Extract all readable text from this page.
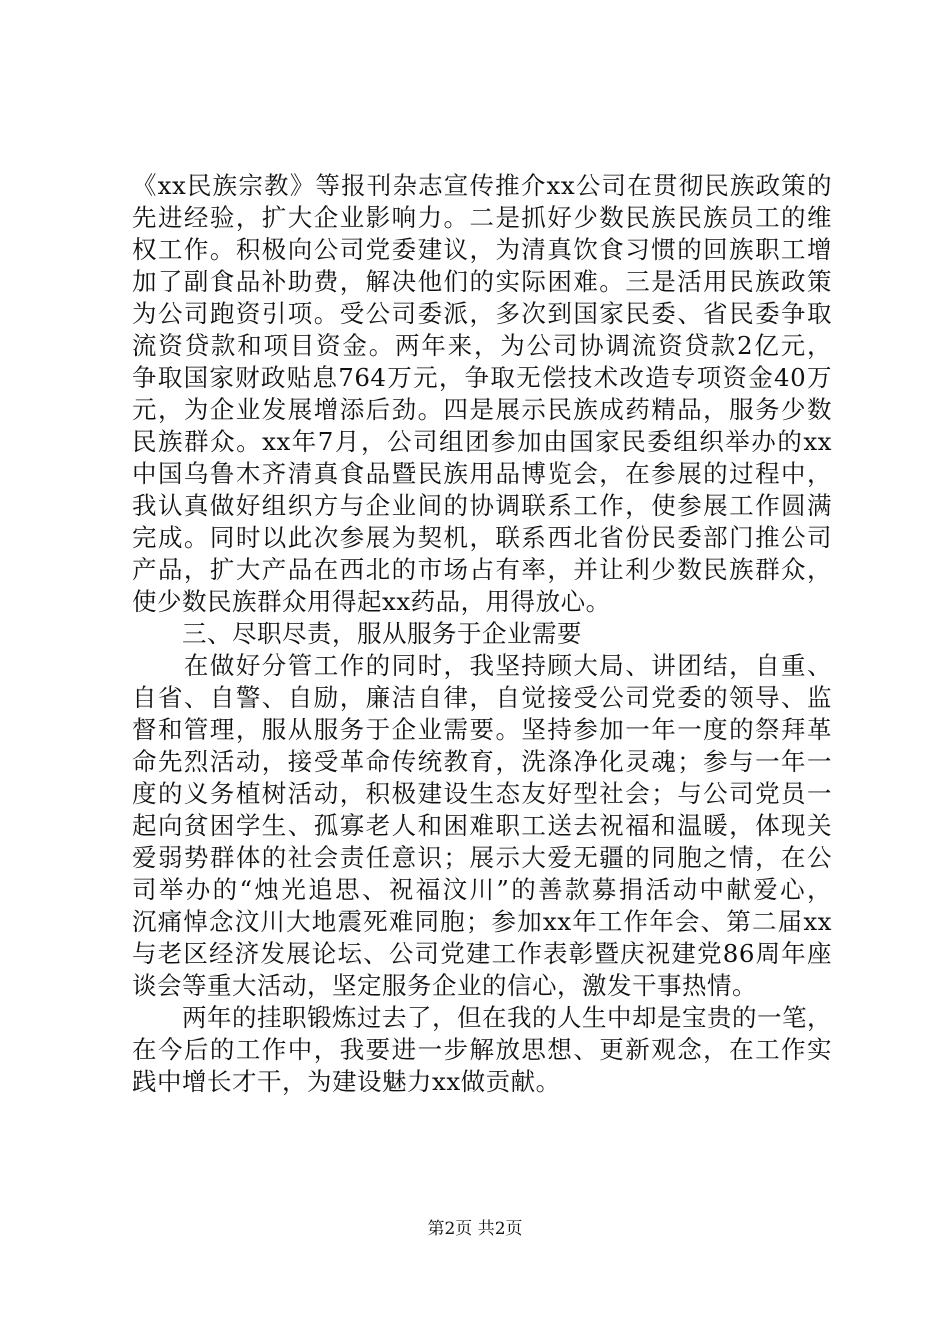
《xx民族宗教》等报刊杂志宣传推介xx公司在贯彻民族政策的
先进经验，扩大企业影响力。二是抓好少数民族民族员工的维
权工作。积极向公司党委建议，为清真饮食习惯的回族职工增
加了副食品补助费，解决他们的实际困难。三是活用民族政策
为公司跑资引项。受公司委派，多次到国家民委、省民委争取
流资贷款和项目资金。两年来，为公司协调流资贷款2亿元，
争取国家财政贴息764万元，争取无偿技术改造专项资金40万
元，为企业发展增添后劲。四是展示民族成药精品，服务少数
民族群众。xx年7月，公司组团参加由国家民委组织举办的xx
中国乌鲁木齐清真食品暨民族用品博览会，在参展的过程中，
我认真做好组织方与企业间的协调联系工作，使参展工作圆满
完成。同时以此次参展为契机，联系西北省份民委部门推公司
产品，扩大产品在西北的市场占有率，并让利少数民族群众，
使少数民族群众用得起xx药品，用得放心。
　　三、尽职尽责，服从服务于企业需要
　　在做好分管工作的同时，我坚持顾大局、讲团结，自重、
自省、自警、自励，廉洁自律，自觉接受公司党委的领导、监
督和管理，服从服务于企业需要。坚持参加一年一度的祭拜革
命先烈活动，接受革命传统教育，洗涤净化灵魂；参与一年一
度的义务植树活动，积极建设生态友好型社会；与公司党员一
起向贫困学生、孤寡老人和困难职工送去祝福和温暖，体现关
爱弱势群体的社会责任意识；展示大爱无疆的同胞之情，在公
司举办的“烛光追思、祝福汶川”的善款募捐活动中献爱心，
沉痛悼念汶川大地震死难同胞；参加xx年工作年会、第二届xx
与老区经济发展论坛、公司党建工作表彰暨庆祝建党86周年座
谈会等重大活动，坚定服务企业的信心，激发干事热情。
　　两年的挂职锻炼过去了，但在我的人生中却是宝贵的一笔，
在今后的工作中，我要进一步解放思想、更新观念，在工作实
践中增长才干，为建设魅力xx做贡献。
第2页 共2页
